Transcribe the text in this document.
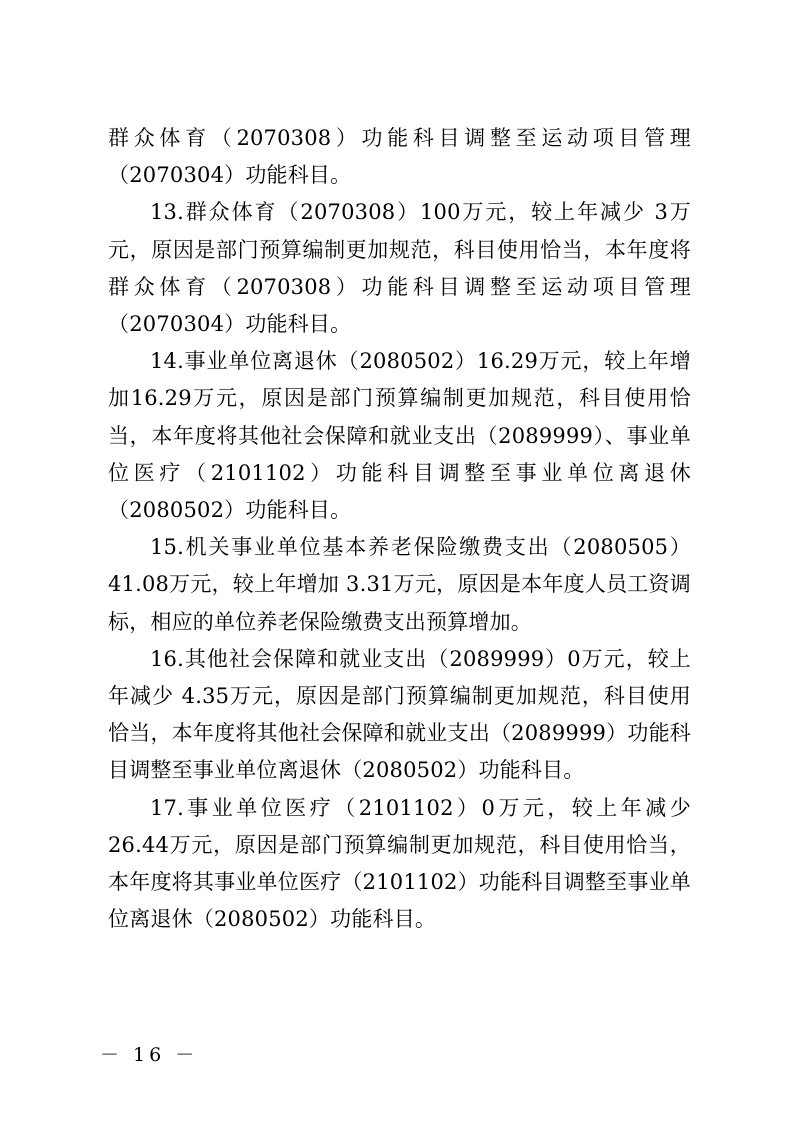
群众体育（2070308）功能科目调整至运动项目管理（2070304）功能科目。

13.群众体育（2070308）100万元，较上年减少 3万元，原因是部门预算编制更加规范，科目使用恰当，本年度将群众体育（2070308）功能科目调整至运动项目管理（2070304）功能科目。

14.事业单位离退休（2080502）16.29万元，较上年增加16.29万元，原因是部门预算编制更加规范，科目使用恰当，本年度将其他社会保障和就业支出（2089999）、事业单位医疗（2101102）功能科目调整至事业单位离退休（2080502）功能科目。

15.机关事业单位基本养老保险缴费支出（2080505）41.08万元，较上年增加 3.31万元，原因是本年度人员工资调标，相应的单位养老保险缴费支出预算增加。

16.其他社会保障和就业支出（2089999）0万元，较上年减少 4.35万元，原因是部门预算编制更加规范，科目使用恰当，本年度将其他社会保障和就业支出（2089999）功能科目调整至事业单位离退休（2080502）功能科目。

17.事业单位医疗（2101102）0万元，较上年减少 26.44万元，原因是部门预算编制更加规范，科目使用恰当，本年度将其事业单位医疗（2101102）功能科目调整至事业单位离退休（2080502）功能科目。

－ 16 －
